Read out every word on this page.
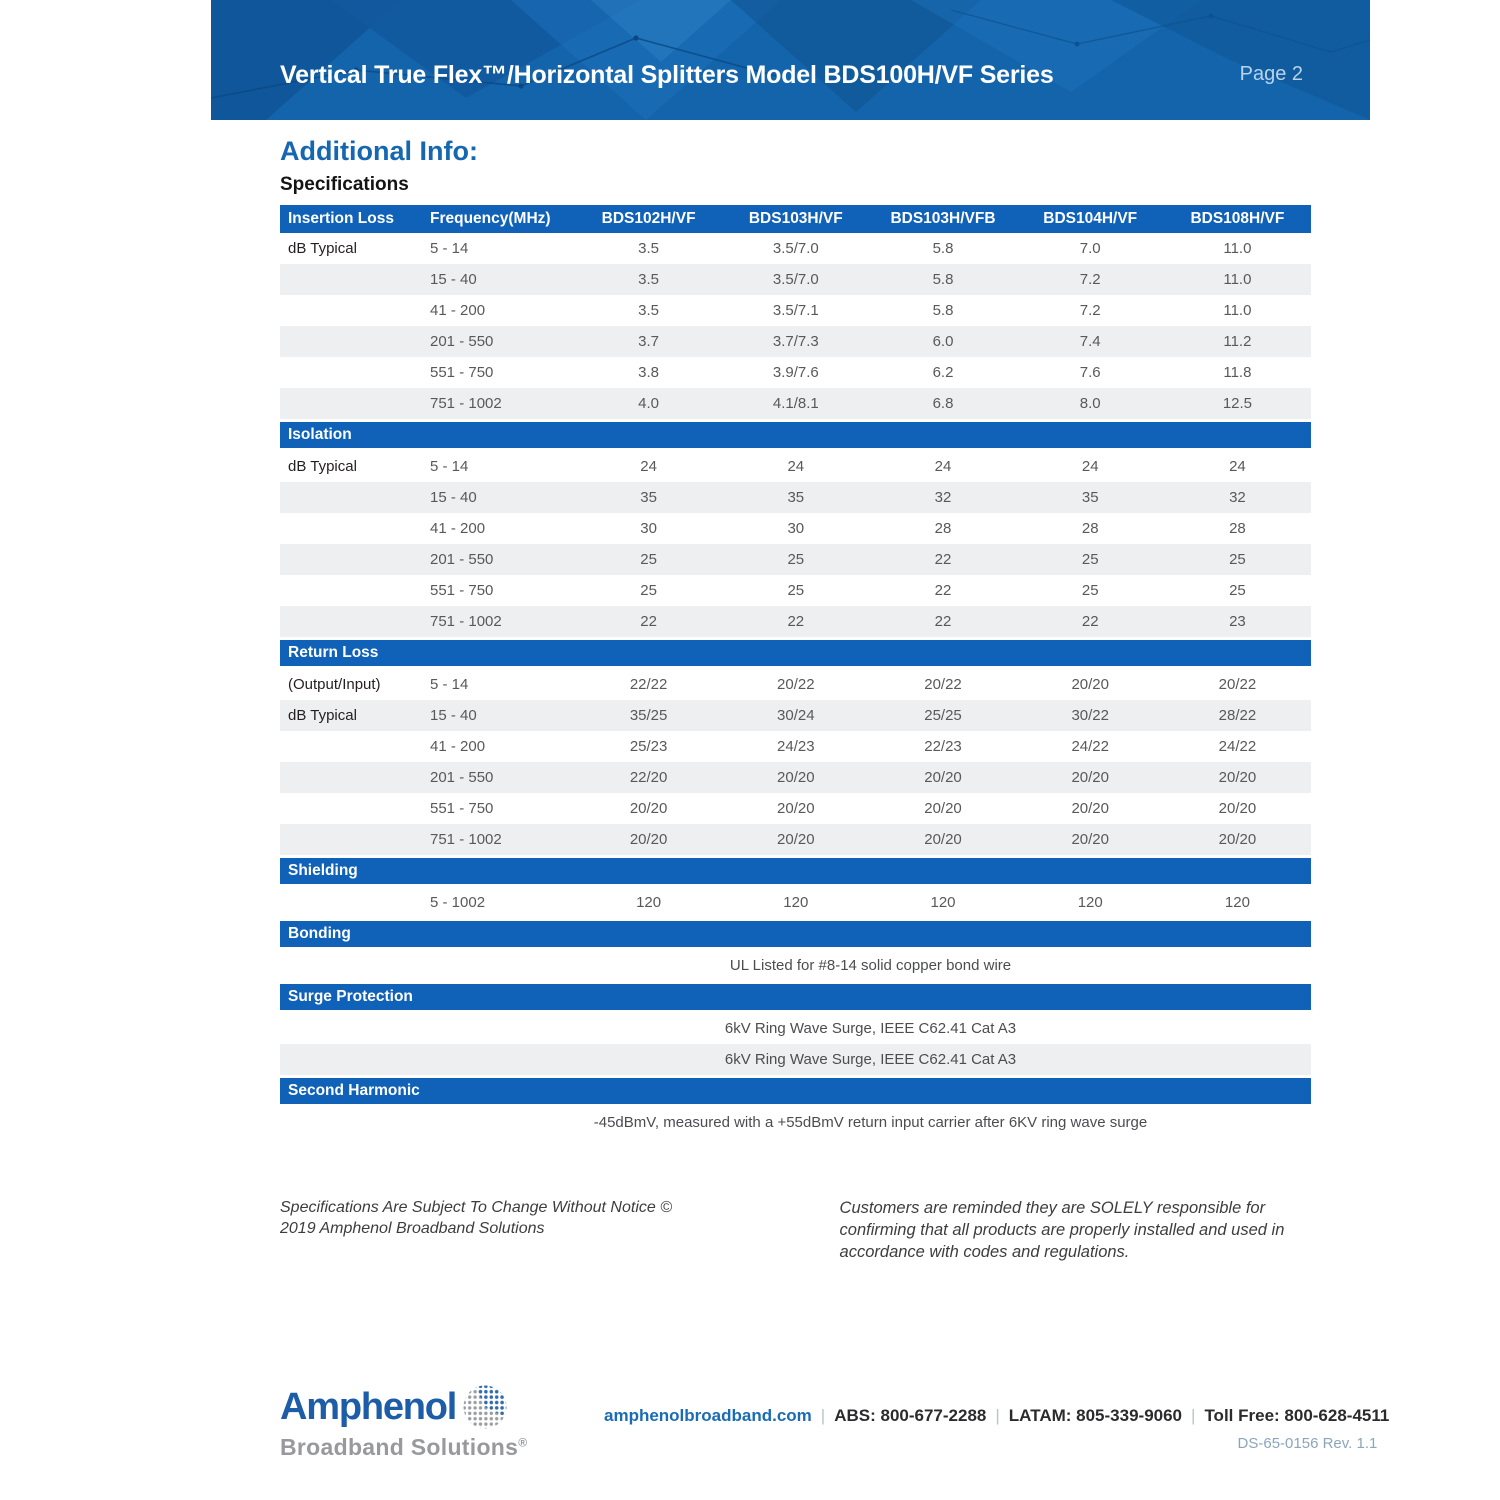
Vertical True Flex™/Horizontal Splitters Model BDS100H/VF Series	Page 2
Additional Info:
Specifications
Insertion Loss	Frequency(MHz)	BDS102H/VF	BDS103H/VF	BDS103H/VFB	BDS104H/VF	BDS108H/VF
dB Typical	5 - 14	3.5	3.5/7.0	5.8	7.0	11.0
15 - 40	3.5	3.5/7.0	5.8	7.2	11.0
41 - 200	3.5	3.5/7.1	5.8	7.2	11.0
201 - 550	3.7	3.7/7.3	6.0	7.4	11.2
551 - 750	3.8	3.9/7.6	6.2	7.6	11.8
751 - 1002	4.0	4.1/8.1	6.8	8.0	12.5
Isolation
dB Typical	5 - 14	24	24	24	24	24
15 - 40	35	35	32	35	32
41 - 200	30	30	28	28	28
201 - 550	25	25	22	25	25
551 - 750	25	25	22	25	25
751 - 1002	22	22	22	22	23
Return Loss
(Output/Input)	5 - 14	22/22	20/22	20/22	20/20	20/22
dB Typical	15 - 40	35/25	30/24	25/25	30/22	28/22
41 - 200	25/23	24/23	22/23	24/22	24/22
201 - 550	22/20	20/20	20/20	20/20	20/20
551 - 750	20/20	20/20	20/20	20/20	20/20
751 - 1002	20/20	20/20	20/20	20/20	20/20
Shielding
5 - 1002	120	120	120	120	120
Bonding
UL Listed for #8-14 solid copper bond wire
Surge Protection
6kV Ring Wave Surge, IEEE C62.41 Cat A3
6kV Ring Wave Surge, IEEE C62.41 Cat A3
Second Harmonic
-45dBmV, measured with a +55dBmV return input carrier after 6KV ring wave surge
Specifications Are Subject To Change Without Notice © 2019 Amphenol Broadband Solutions
Customers are reminded they are SOLELY responsible for confirming that all products are properly installed and used in accordance with codes and regulations.
Amphenol
Broadband Solutions®
amphenolbroadband.com | ABS: 800-677-2288 | LATAM: 805-339-9060 | Toll Free: 800-628-4511
DS-65-0156 Rev. 1.1
